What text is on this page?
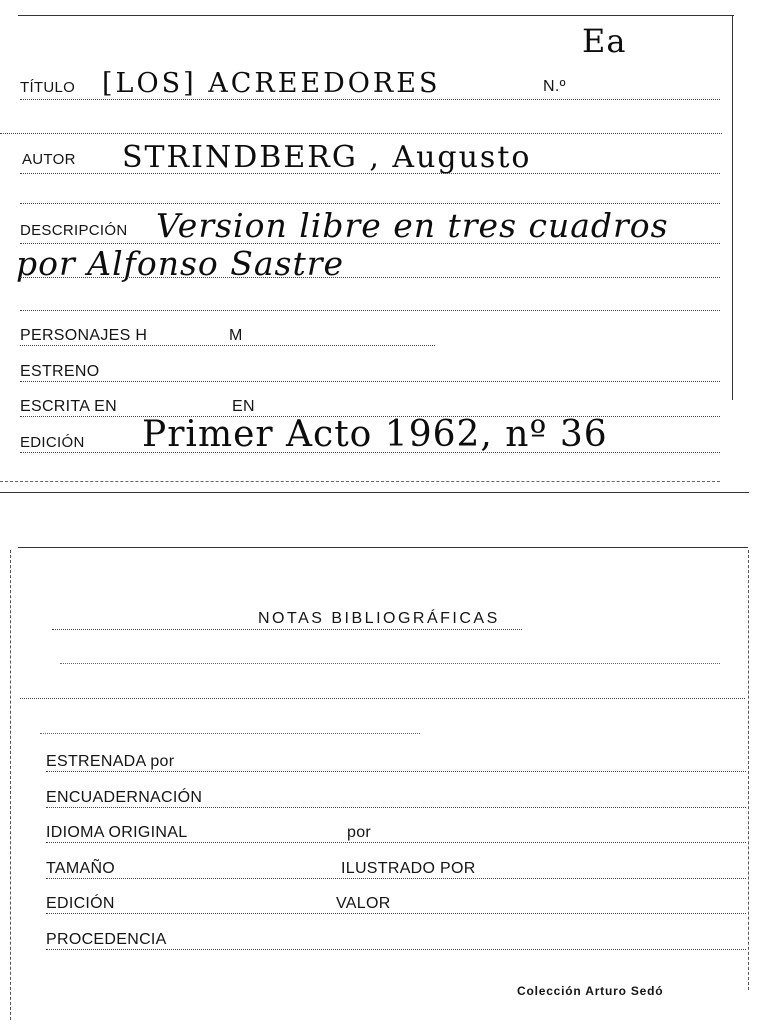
Ea
TÍTULO [LOS] ACREEDORES	N.º
AUTOR STRINDBERG , Augusto
DESCRIPCIÓN Version libre en tres cuadros
por Alfonso Sastre
PERSONAJES H	M
ESTRENO
ESCRITA EN	EN
EDICIÓN Primer Acto 1962, nº 36
NOTAS BIBLIOGRÁFICAS
ESTRENADA por
ENCUADERNACIÓN
IDIOMA ORIGINAL	por
TAMAÑO	ILUSTRADO POR
EDICIÓN	VALOR
PROCEDENCIA
Colección Arturo Sedó
